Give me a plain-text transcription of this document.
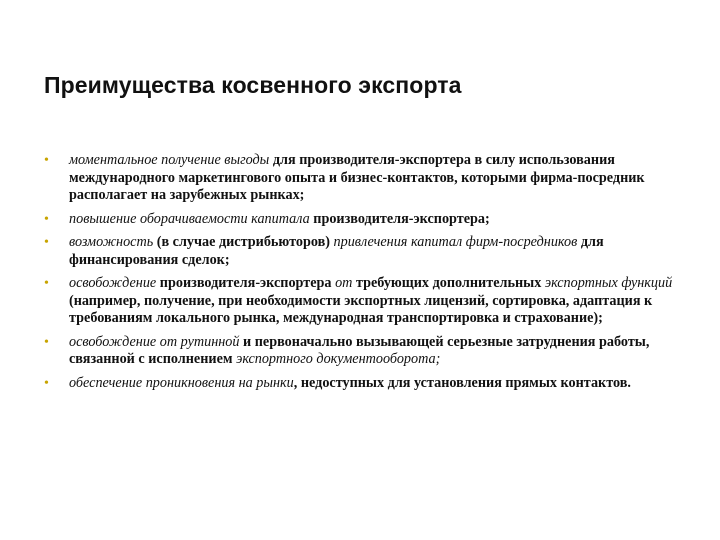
Преимущества косвенного экспорта
•	моментальное получение выгоды для производителя-экспортера в силу использования международного маркетингового опыта и бизнес-контактов, которыми фирма-посредник располагает на зарубежных рынках;
•	повышение оборачиваемости капитала производителя-экспортера;
•	возможность (в случае дистрибьюторов) привлечения капитал фирм-посредников для финансирования сделок;
•	освобождение производителя-экспортера от требующих дополнительных экспортных функций (например, получение, при необходимости экспортных лицензий, сортировка, адаптация к требованиям локального рынка, международная транспортировка и страхование);
•	освобождение от рутинной и первоначально вызывающей серьезные затруднения работы, связанной с исполнением экспортного документооборота;
•	обеспечение проникновения на рынки, недоступных для установления прямых контактов.
